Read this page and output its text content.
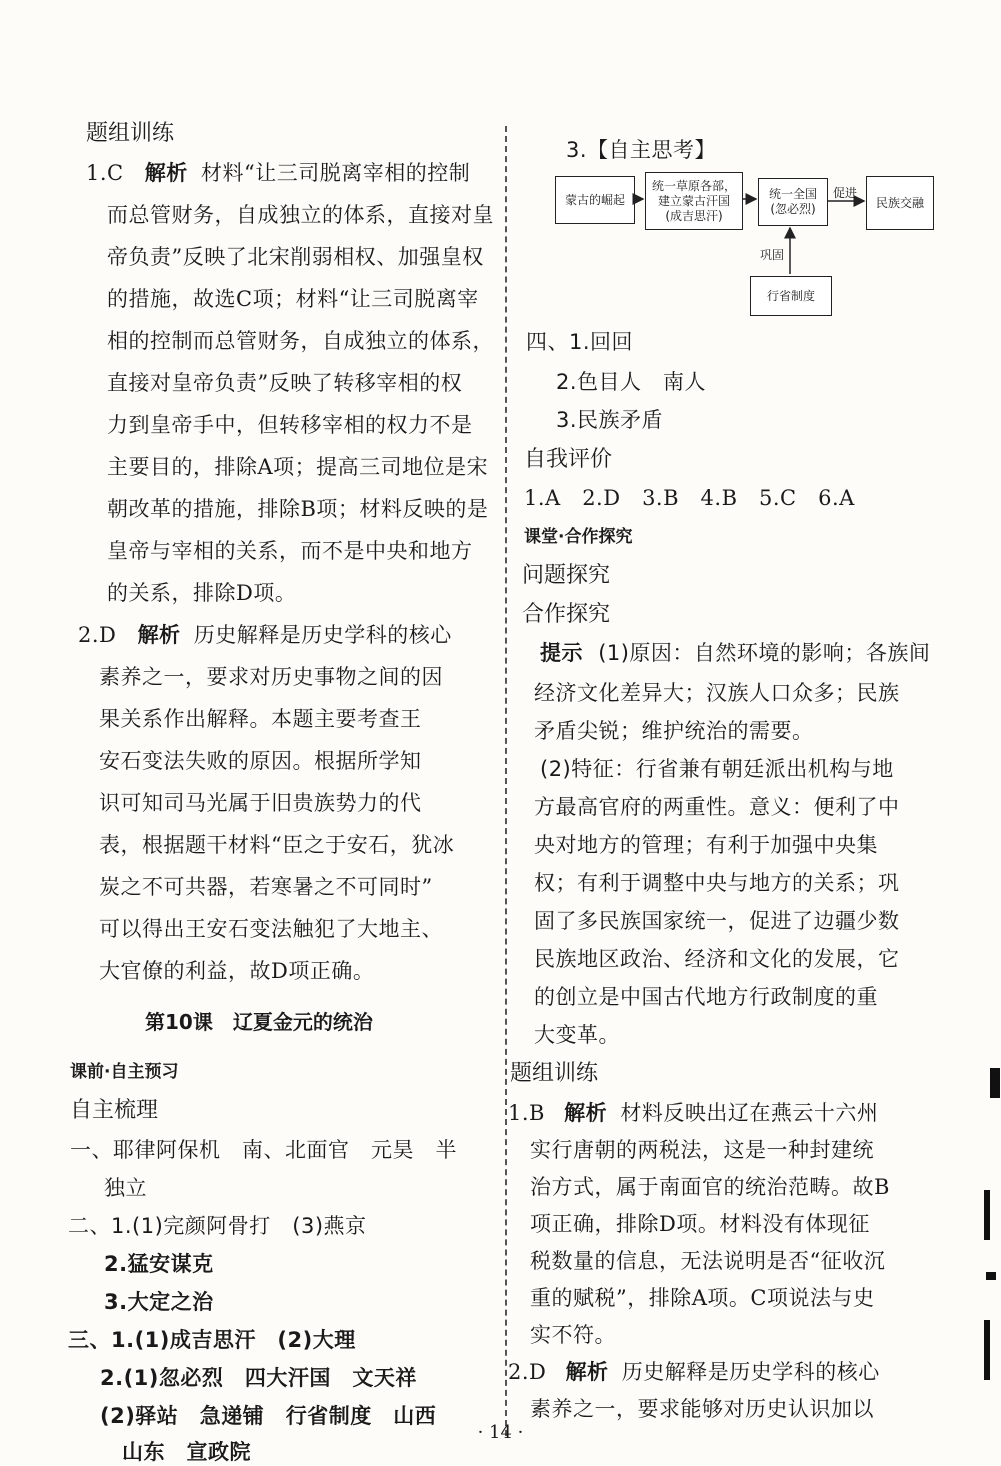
题组训练
1.C 解析 材料“让三司脱离宰相的控制
而总管财务，自成独立的体系，直接对皇
帝负责”反映了北宋削弱相权、加强皇权
的措施，故选C项；材料“让三司脱离宰
相的控制而总管财务，自成独立的体系，
直接对皇帝负责”反映了转移宰相的权
力到皇帝手中，但转移宰相的权力不是
主要目的，排除A项；提高三司地位是宋
朝改革的措施，排除B项；材料反映的是
皇帝与宰相的关系，而不是中央和地方
的关系，排除D项。
2.D 解析 历史解释是历史学科的核心
素养之一，要求对历史事物之间的因
果关系作出解释。本题主要考查王
安石变法失败的原因。根据所学知
识可知司马光属于旧贵族势力的代
表，根据题干材料“臣之于安石，犹冰
炭之不可共器，若寒暑之不可同时”
可以得出王安石变法触犯了大地主、
大官僚的利益，故D项正确。
第10课　辽夏金元的统治
课前·自主预习
自主梳理
一、耶律阿保机　南、北面官　元昊　半
独立
二、1.(1)完颜阿骨打　(3)燕京
2.猛安谋克
3.大定之治
三、1.(1)成吉思汗　(2)大理
2.(1)忽必烈　四大汗国　文天祥
(2)驿站　急递铺　行省制度　山西
山东　宣政院
3.【自主思考】
蒙古的崛起
统一草原各部，
建立蒙古汗国
(成吉思汗)
统一全国
(忽必烈)	民族交融
行省制度
促进
巩固
四、1.回回
2.色目人　南人
3.民族矛盾
自我评价
1.A　2.D　3.B　4.B　5.C　6.A
课堂·合作探究
问题探究
合作探究
提示 (1)原因：自然环境的影响；各族间
经济文化差异大；汉族人口众多；民族
矛盾尖锐；维护统治的需要。
(2)特征：行省兼有朝廷派出机构与地
方最高官府的两重性。意义：便利了中
央对地方的管理；有利于加强中央集
权；有利于调整中央与地方的关系；巩
固了多民族国家统一，促进了边疆少数
民族地区政治、经济和文化的发展，它
的创立是中国古代地方行政制度的重
大变革。
题组训练
1.B 解析 材料反映出辽在燕云十六州
实行唐朝的两税法，这是一种封建统
治方式，属于南面官的统治范畴。故B
项正确，排除D项。材料没有体现征
税数量的信息，无法说明是否“征收沉
重的赋税”，排除A项。C项说法与史
实不符。
2.D 解析 历史解释是历史学科的核心
素养之一，要求能够对历史认识加以
· 14 ·
